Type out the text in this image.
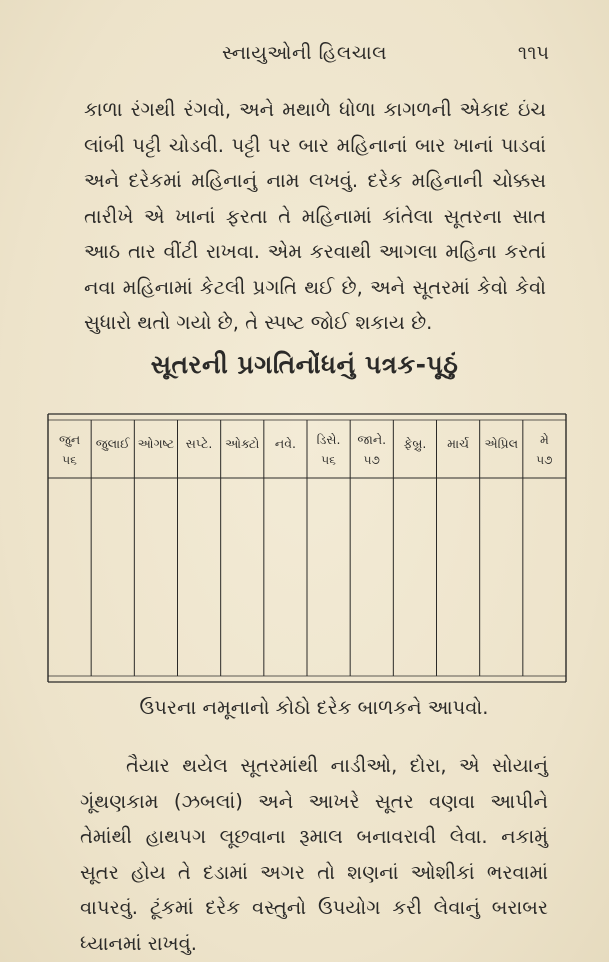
સ્નાયુઓની હિલચાલ	૧૧૫

કાળા રંગથી રંગવો, અને મથાળે ધોળા કાગળની એકાદ ઇંચ લાંબી પટ્ટી ચોડવી. પટ્ટી પર બાર મહિનાનાં બાર ખાનાં પાડવાં અને દરેકમાં મહિનાનું નામ લખવું. દરેક મહિનાની ચોક્કસ તારીખે એ ખાનાં ફરતા તે મહિનામાં કાંતેલા સૂતરના સાત આઠ તાર વીંટી રાખવા. એમ કરવાથી આગલા મહિના કરતાં નવા મહિનામાં કેટલી પ્રગતિ થઈ છે, અને સૂતરમાં કેવો કેવો સુધારો થતો ગયો છે, તે સ્પષ્ટ જોઈ શકાય છે.

સૂતરની પ્રગતિનોંધનું પત્રક-પૂઠું
જુન
૫૬
જુલાઈ ઓગષ્ટ સપ્ટે. ઓક્ટો નવે. ડિસે.
૫૬
જાને.
૫૭
ફેબ્રુ. માર્ચ એપ્રિલ મે
૫૭

ઉપરના નમૂનાનો કોઠો દરેક બાળકને આપવો.

તૈયાર થયેલ સૂતરમાંથી નાડીઓ, દોરા, એ સોયાનું ગૂંથણકામ (ઝબલાં) અને આખરે સૂતર વણવા આપીને તેમાંથી હાથપગ લૂછવાના રૂમાલ બનાવરાવી લેવા. નકામું સૂતર હોય તે દડામાં અગર તો શણનાં ઓશીકાં ભરવામાં વાપરવું. ટૂંકમાં દરેક વસ્તુનો ઉપયોગ કરી લેવાનું બરાબર ધ્યાનમાં રાખવું.
